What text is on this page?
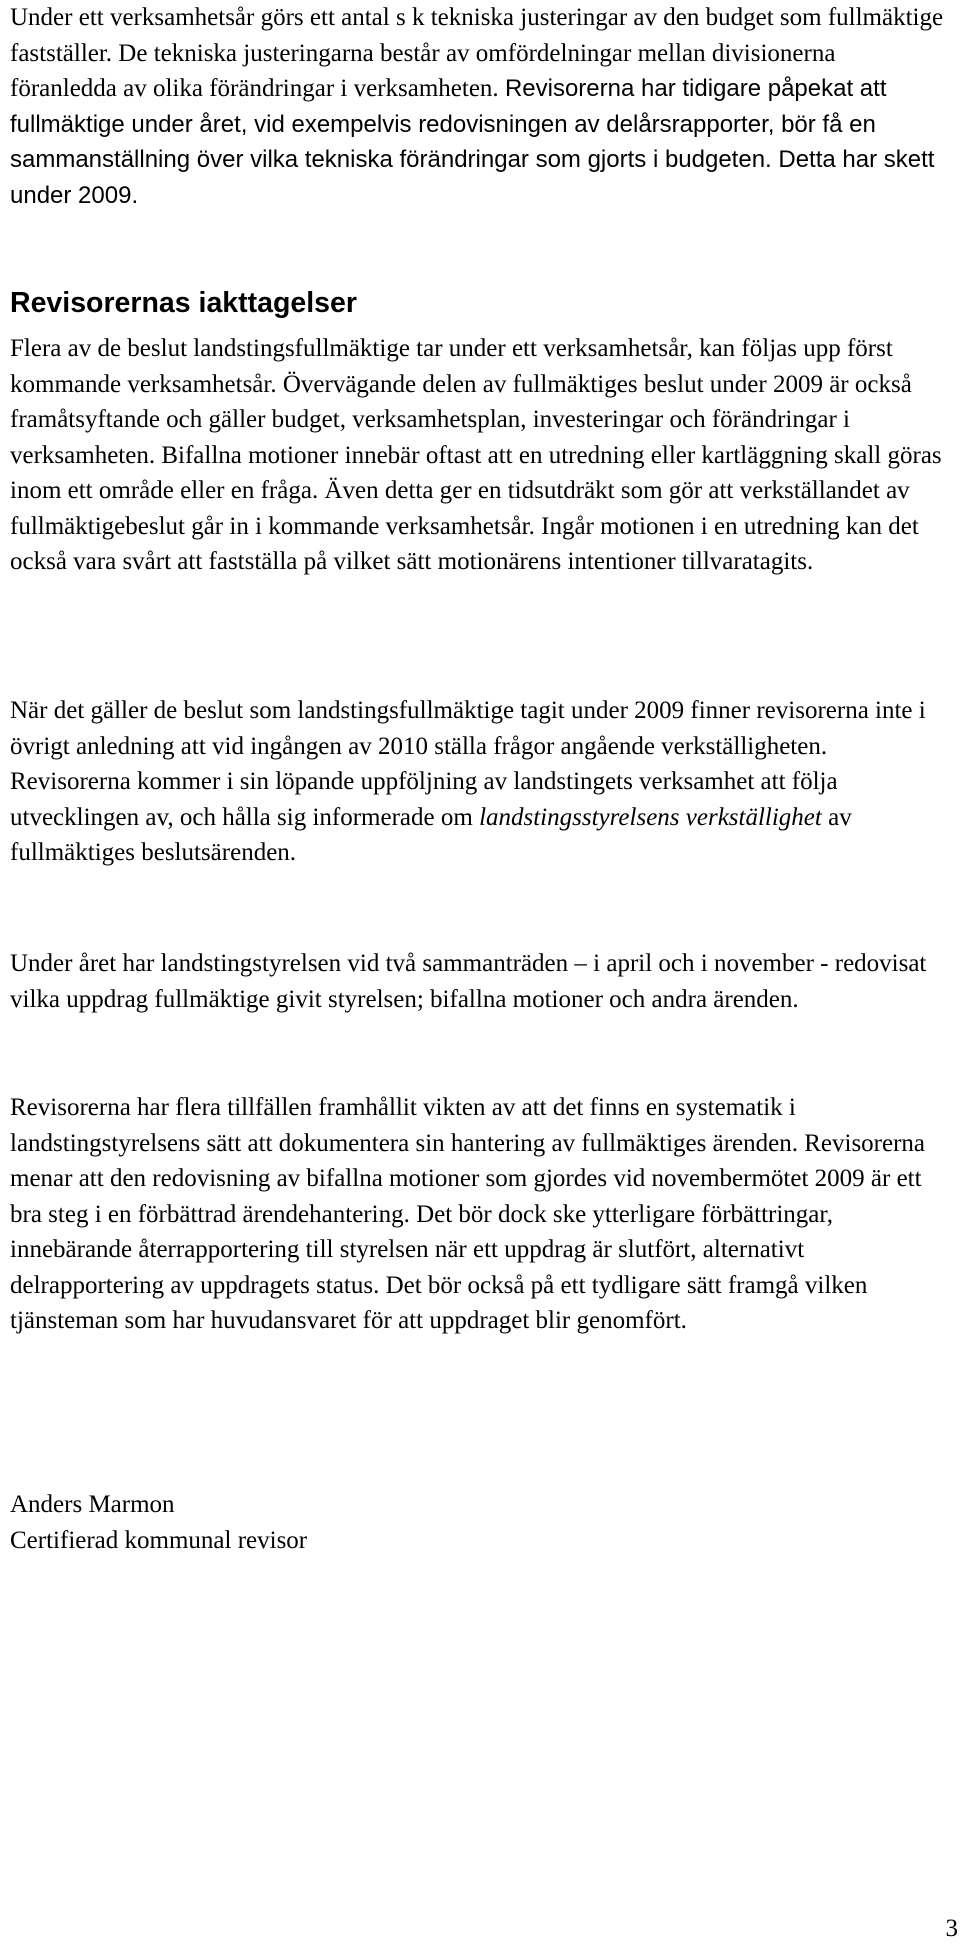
Under ett verksamhetsår görs ett antal s k tekniska justeringar av den budget som fullmäktige fastställer. De tekniska justeringarna består av omfördelningar mellan divisionerna föranledda av olika förändringar i verksamheten. Revisorerna har tidigare påpekat att fullmäktige under året, vid exempelvis redovisningen av delårsrapporter, bör få en sammanställning över vilka tekniska förändringar som gjorts i budgeten. Detta har skett under 2009.

Revisorernas iakttagelser

Flera av de beslut landstingsfullmäktige tar under ett verksamhetsår, kan följas upp först kommande verksamhetsår. Övervägande delen av fullmäktiges beslut under 2009 är också framåtsyftande och gäller budget, verksamhetsplan, investeringar och förändringar i verksamheten. Bifallna motioner innebär oftast att en utredning eller kartläggning skall göras inom ett område eller en fråga. Även detta ger en tidsutdräkt som gör att verkställandet av fullmäktigebeslut går in i kommande verksamhetsår. Ingår motionen i en utredning kan det också vara svårt att fastställa på vilket sätt motionärens intentioner tillvaratagits.

När det gäller de beslut som landstingsfullmäktige tagit under 2009 finner revisorerna inte i övrigt anledning att vid ingången av 2010 ställa frågor angående verkställigheten. Revisorerna kommer i sin löpande uppföljning av landstingets verksamhet att följa utvecklingen av, och hålla sig informerade om landstingsstyrelsens verkställighet av fullmäktiges beslutsärenden.

Under året har landstingstyrelsen vid två sammanträden – i april och i november - redovisat vilka uppdrag fullmäktige givit styrelsen; bifallna motioner och andra ärenden.

Revisorerna har flera tillfällen framhållit vikten av att det finns en systematik i landstingstyrelsens sätt att dokumentera sin hantering av fullmäktiges ärenden. Revisorerna menar att den redovisning av bifallna motioner som gjordes vid novembermötet 2009 är ett bra steg i en förbättrad ärendehantering. Det bör dock ske ytterligare förbättringar, innebärande återrapportering till styrelsen när ett uppdrag är slutfört, alternativt delrapportering av uppdragets status. Det bör också på ett tydligare sätt framgå vilken tjänsteman som har huvudansvaret för att uppdraget blir genomfört.

Anders Marmon
Certifierad kommunal revisor
3
